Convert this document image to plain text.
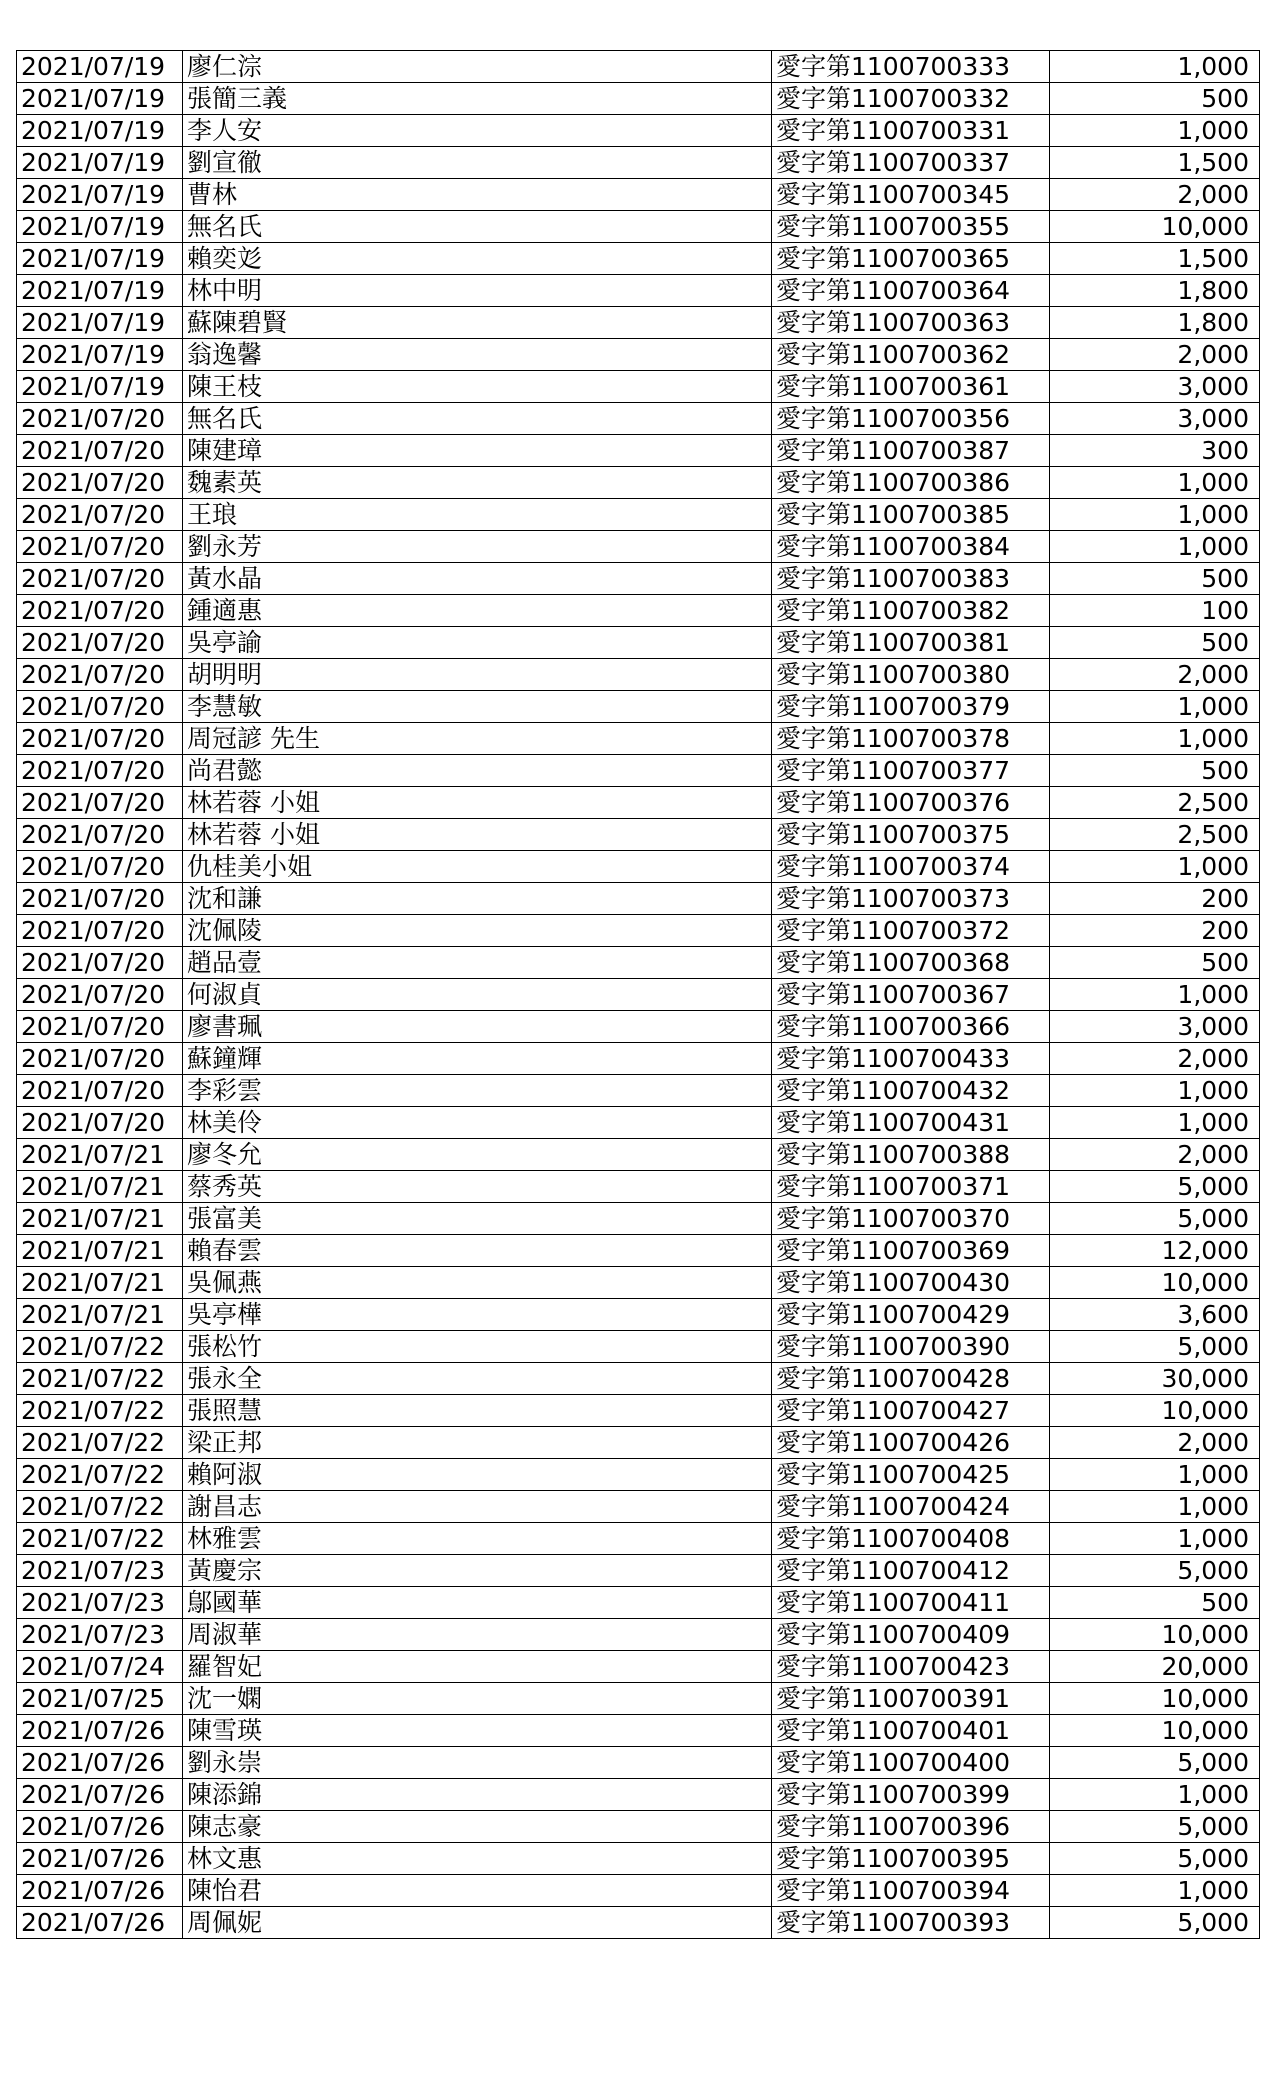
2021/07/19	廖仁淙	愛字第1100700333	1,000
2021/07/19	張簡三義	愛字第1100700332	500
2021/07/19	李人安	愛字第1100700331	1,000
2021/07/19	劉宣徹	愛字第1100700337	1,500
2021/07/19	曹林	愛字第1100700345	2,000
2021/07/19	無名氏	愛字第1100700355	10,000
2021/07/19	賴奕彣	愛字第1100700365	1,500
2021/07/19	林中明	愛字第1100700364	1,800
2021/07/19	蘇陳碧賢	愛字第1100700363	1,800
2021/07/19	翁逸馨	愛字第1100700362	2,000
2021/07/19	陳王枝	愛字第1100700361	3,000
2021/07/20	無名氏	愛字第1100700356	3,000
2021/07/20	陳建璋	愛字第1100700387	300
2021/07/20	魏素英	愛字第1100700386	1,000
2021/07/20	王琅	愛字第1100700385	1,000
2021/07/20	劉永芳	愛字第1100700384	1,000
2021/07/20	黃水晶	愛字第1100700383	500
2021/07/20	鍾適惠	愛字第1100700382	100
2021/07/20	吳亭諭	愛字第1100700381	500
2021/07/20	胡明明	愛字第1100700380	2,000
2021/07/20	李慧敏	愛字第1100700379	1,000
2021/07/20	周冠諺 先生	愛字第1100700378	1,000
2021/07/20	尚君懿	愛字第1100700377	500
2021/07/20	林若蓉 小姐	愛字第1100700376	2,500
2021/07/20	林若蓉 小姐	愛字第1100700375	2,500
2021/07/20	仇桂美小姐	愛字第1100700374	1,000
2021/07/20	沈和謙	愛字第1100700373	200
2021/07/20	沈佩陵	愛字第1100700372	200
2021/07/20	趙品壹	愛字第1100700368	500
2021/07/20	何淑貞	愛字第1100700367	1,000
2021/07/20	廖書珮	愛字第1100700366	3,000
2021/07/20	蘇鐘輝	愛字第1100700433	2,000
2021/07/20	李彩雲	愛字第1100700432	1,000
2021/07/20	林美伶	愛字第1100700431	1,000
2021/07/21	廖冬允	愛字第1100700388	2,000
2021/07/21	蔡秀英	愛字第1100700371	5,000
2021/07/21	張富美	愛字第1100700370	5,000
2021/07/21	賴春雲	愛字第1100700369	12,000
2021/07/21	吳佩燕	愛字第1100700430	10,000
2021/07/21	吳亭樺	愛字第1100700429	3,600
2021/07/22	張松竹	愛字第1100700390	5,000
2021/07/22	張永全	愛字第1100700428	30,000
2021/07/22	張照慧	愛字第1100700427	10,000
2021/07/22	梁正邦	愛字第1100700426	2,000
2021/07/22	賴阿淑	愛字第1100700425	1,000
2021/07/22	謝昌志	愛字第1100700424	1,000
2021/07/22	林雅雲	愛字第1100700408	1,000
2021/07/23	黃慶宗	愛字第1100700412	5,000
2021/07/23	鄔國華	愛字第1100700411	500
2021/07/23	周淑華	愛字第1100700409	10,000
2021/07/24	羅智妃	愛字第1100700423	20,000
2021/07/25	沈一嫻	愛字第1100700391	10,000
2021/07/26	陳雪瑛	愛字第1100700401	10,000
2021/07/26	劉永崇	愛字第1100700400	5,000
2021/07/26	陳添錦	愛字第1100700399	1,000
2021/07/26	陳志豪	愛字第1100700396	5,000
2021/07/26	林文惠	愛字第1100700395	5,000
2021/07/26	陳怡君	愛字第1100700394	1,000
2021/07/26	周佩妮	愛字第1100700393	5,000
